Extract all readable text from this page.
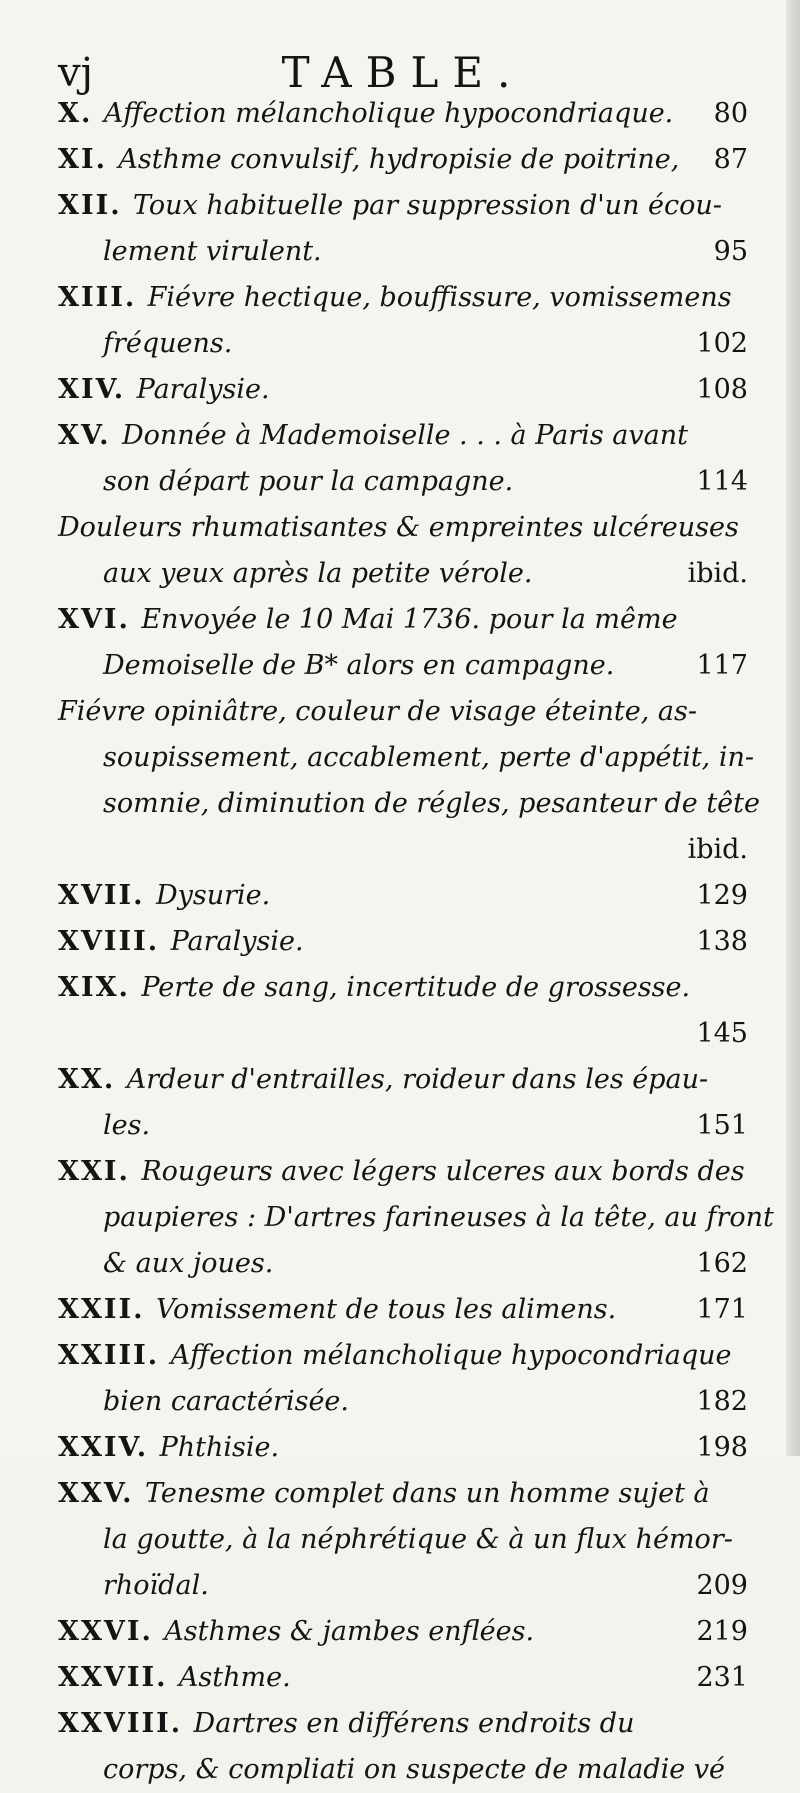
vj	TABLE.
X. Affection mélancholique hypocondriaque. 80
XI. Asthme convulsif, hydropisie de poitrine, 87
XII. Toux habituelle par suppression d'un écou-
lement virulent.	95
XIII. Fiévre hectique, bouffissure, vomissemens
fréquens.	102
XIV. Paralysie.	108
XV. Donnée à Mademoiselle . . . à Paris avant
son départ pour la campagne.	114
Douleurs rhumatisantes & empreintes ulcéreuses
aux yeux après la petite vérole.	ibid.
XVI. Envoyée le 10 Mai 1736. pour la même
Demoiselle de B* alors en campagne.	117
Fiévre opiniâtre, couleur de visage éteinte, as-
soupissement, accablement, perte d'appétit, in-
somnie, diminution de régles, pesanteur de tête
ibid.
XVII. Dysurie.	129
XVIII. Paralysie.	138
XIX. Perte de sang, incertitude de grossesse.
145
XX. Ardeur d'entrailles, roideur dans les épau-
les.	151
XXI. Rougeurs avec légers ulceres aux bords des
paupieres : D'artres farineuses à la tête, au front
& aux joues.	162
XXII. Vomissement de tous les alimens.	171
XXIII. Affection mélancholique hypocondriaque
bien caractérisée.	182
XXIV. Phthisie.	198
XXV. Tenesme complet dans un homme sujet à
la goutte, à la néphrétique & à un flux hémor-
rhoïdal.	209
XXVI. Asthmes & jambes enflées.	219
XXVII. Asthme.	231
XXVIII. Dartres en différens endroits du
corps, & compliati on suspecte de maladie vé
